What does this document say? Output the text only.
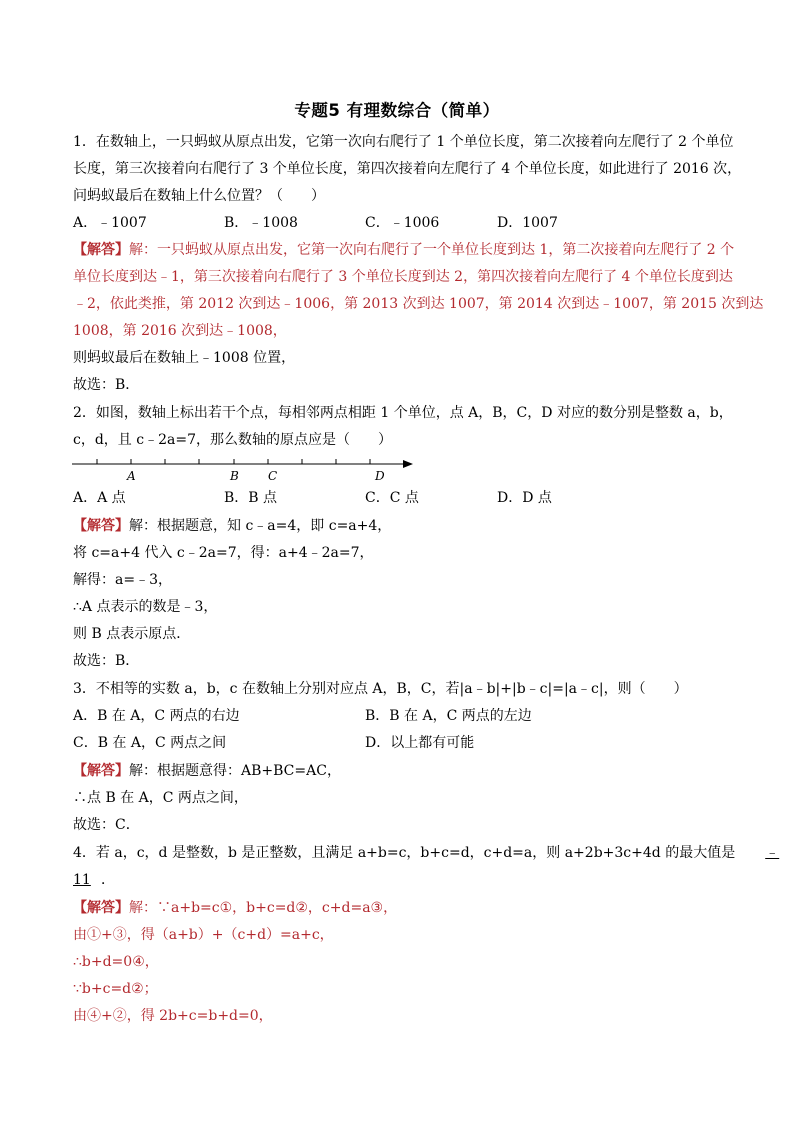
专题5 有理数综合（简单）
1．在数轴上，一只蚂蚁从原点出发，它第一次向右爬行了 1 个单位长度，第二次接着向左爬行了 2 个单位
长度，第三次接着向右爬行了 3 个单位长度，第四次接着向左爬行了 4 个单位长度，如此进行了 2016 次，
问蚂蚁最后在数轴上什么位置？（　　）
A．﹣1007	B．﹣1008	C．﹣1006	D．1007
【解答】解：一只蚂蚁从原点出发，它第一次向右爬行了一个单位长度到达 1，第二次接着向左爬行了 2 个
单位长度到达﹣1，第三次接着向右爬行了 3 个单位长度到达 2，第四次接着向左爬行了 4 个单位长度到达
﹣2，依此类推，第 2012 次到达﹣1006，第 2013 次到达 1007，第 2014 次到达﹣1007，第 2015 次到达
1008，第 2016 次到达﹣1008，
则蚂蚁最后在数轴上﹣1008 位置，
故选：B．
2．如图，数轴上标出若干个点，每相邻两点相距 1 个单位，点 A，B，C，D 对应的数分别是整数 a，b，
c，d，且 c﹣2a=7，那么数轴的原点应是（　　）
A	B C	D
A．A 点	B．B 点	C．C 点	D．D 点
【解答】解：根据题意，知 c﹣a=4，即 c=a+4，
将 c=a+4 代入 c﹣2a=7，得：a+4﹣2a=7，
解得：a=﹣3，
∴A 点表示的数是﹣3，
则 B 点表示原点．
故选：B．
3．不相等的实数 a，b，c 在数轴上分别对应点 A，B，C，若|a﹣b|+|b﹣c|=|a﹣c|，则（　　）
A．B 在 A，C 两点的右边	B．B 在 A，C 两点的左边
C．B 在 A，C 两点之间	D．以上都有可能
【解答】解：根据题意得：AB+BC=AC，
∴点 B 在 A，C 两点之间，
故选：C．
4．若 a，c，d 是整数，b 是正整数，且满足 a+b=c，b+c=d，c+d=a，则 a+2b+3c+4d 的最大值是 ﹣
11 ．
【解答】解：∵a+b=c①，b+c=d②，c+d=a③，
由①+③，得（a+b）+（c+d）=a+c，
∴b+d=0④，
∵b+c=d②；
由④+②，得 2b+c=b+d=0，
